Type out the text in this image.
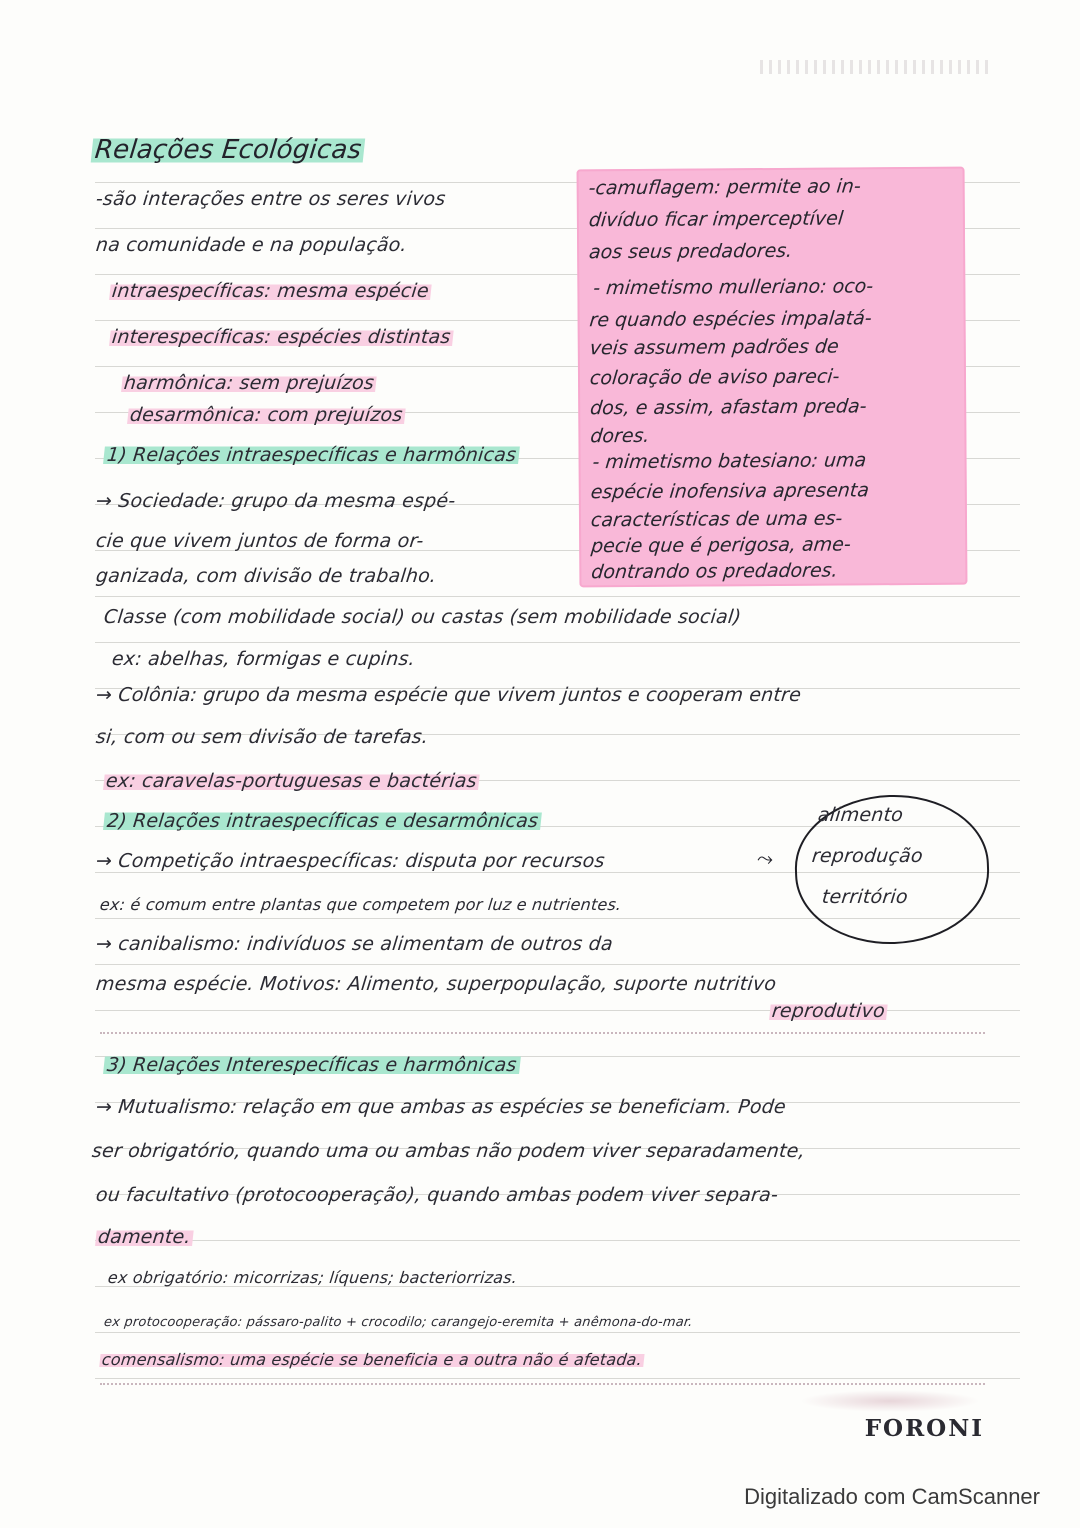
Relações Ecológicas
-são interações entre os seres vivos
na comunidade e na população.
intraespecíficas: mesma espécie
interespecíficas: espécies distintas
harmônica: sem prejuízos
desarmônica: com prejuízos
1) Relações intraespecíficas e harmônicas
→ Sociedade: grupo da mesma espé-
cie que vivem juntos de forma or-
ganizada, com divisão de trabalho.
Classe (com mobilidade social) ou castas (sem mobilidade social)
ex: abelhas, formigas e cupins.
→ Colônia: grupo da mesma espécie que vivem juntos e cooperam entre
si, com ou sem divisão de tarefas.
ex: caravelas-portuguesas e bactérias
2) Relações intraespecíficas e desarmônicas
→ Competição intraespecíficas: disputa por recursos
ex: é comum entre plantas que competem por luz e nutrientes.
→ canibalismo: indivíduos se alimentam de outros da
mesma espécie. Motivos: Alimento, superpopulação, suporte nutritivo
reprodutivo
⤳
alimento
reprodução
território
3) Relações Interespecíficas e harmônicas
→ Mutualismo: relação em que ambas as espécies se beneficiam. Pode
ser obrigatório, quando uma ou ambas não podem viver separadamente,
ou facultativo (protocooperação), quando ambas podem viver separa-
damente.
ex obrigatório: micorrizas; líquens; bacteriorrizas.
ex protocooperação: pássaro-palito + crocodilo; carangejo-eremita + anêmona-do-mar.
comensalismo: uma espécie se beneficia e a outra não é afetada.
-camuflagem: permite ao in-
divíduo ficar imperceptível
aos seus predadores.
- mimetismo mulleriano: oco-
re quando espécies impalatá-
veis assumem padrões de
coloração de aviso pareci-
dos, e assim, afastam preda-
dores.
- mimetismo batesiano: uma
espécie inofensiva apresenta
características de uma es-
pecie que é perigosa, ame-
dontrando os predadores.
FORONI
Digitalizado com CamScanner
